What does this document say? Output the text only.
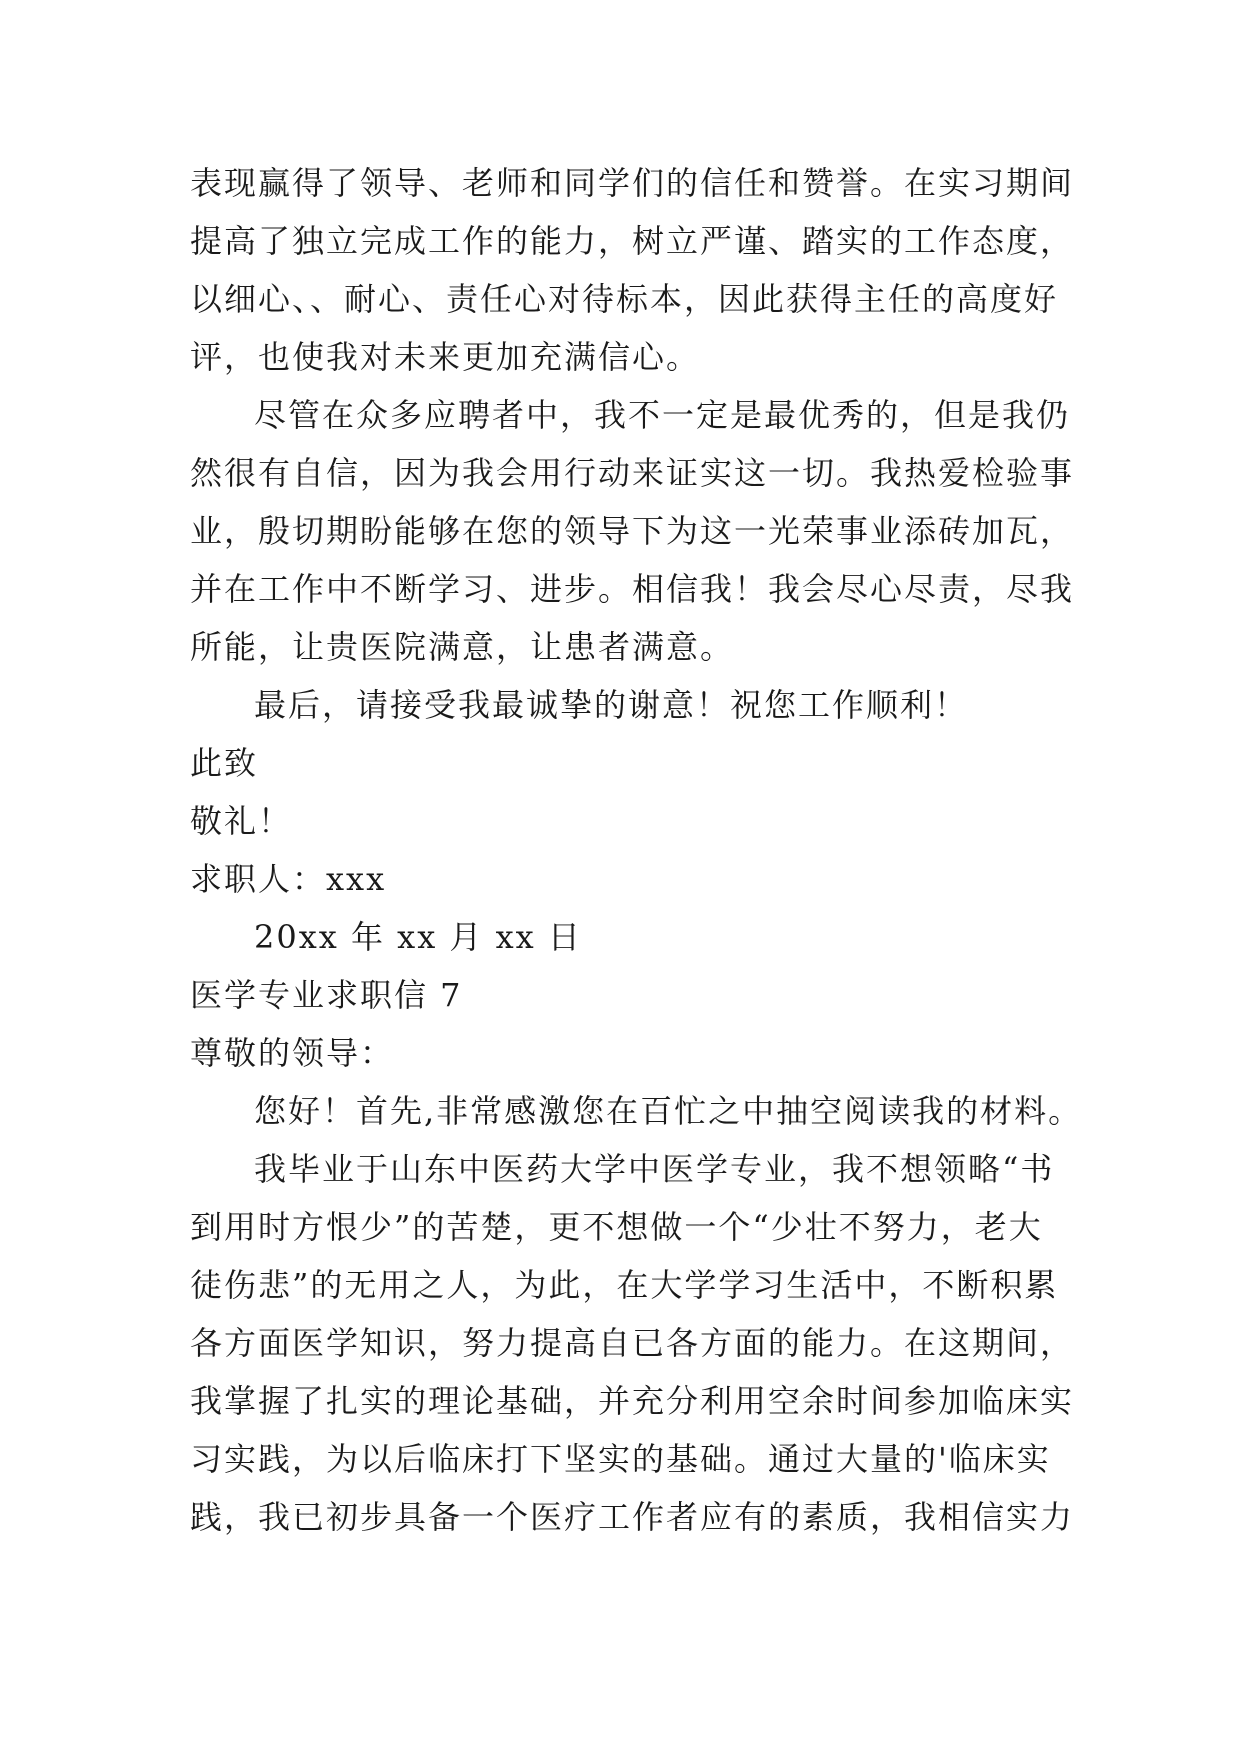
表现赢得了领导、老师和同学们的信任和赞誉。在实习期间
提高了独立完成工作的能力，树立严谨、踏实的工作态度，
以细心、、耐心、责任心对待标本，因此获得主任的高度好
评，也使我对未来更加充满信心。
尽管在众多应聘者中，我不一定是最优秀的，但是我仍
然很有自信，因为我会用行动来证实这一切。我热爱检验事
业，殷切期盼能够在您的领导下为这一光荣事业添砖加瓦，
并在工作中不断学习、进步。相信我！我会尽心尽责，尽我
所能，让贵医院满意，让患者满意。
最后，请接受我最诚挚的谢意！祝您工作顺利！
此致
敬礼！
求职人：xxx
20xx 年 xx 月 xx 日
医学专业求职信 7
尊敬的领导：
您好！首先,非常感激您在百忙之中抽空阅读我的材料。
我毕业于山东中医药大学中医学专业，我不想领略“书
到用时方恨少”的苦楚，更不想做一个“少壮不努力，老大
徒伤悲”的无用之人，为此，在大学学习生活中，不断积累
各方面医学知识，努力提高自已各方面的能力。在这期间，
我掌握了扎实的理论基础，并充分利用空余时间参加临床实
习实践，为以后临床打下坚实的基础。通过大量的'临床实
践，我已初步具备一个医疗工作者应有的素质，我相信实力
